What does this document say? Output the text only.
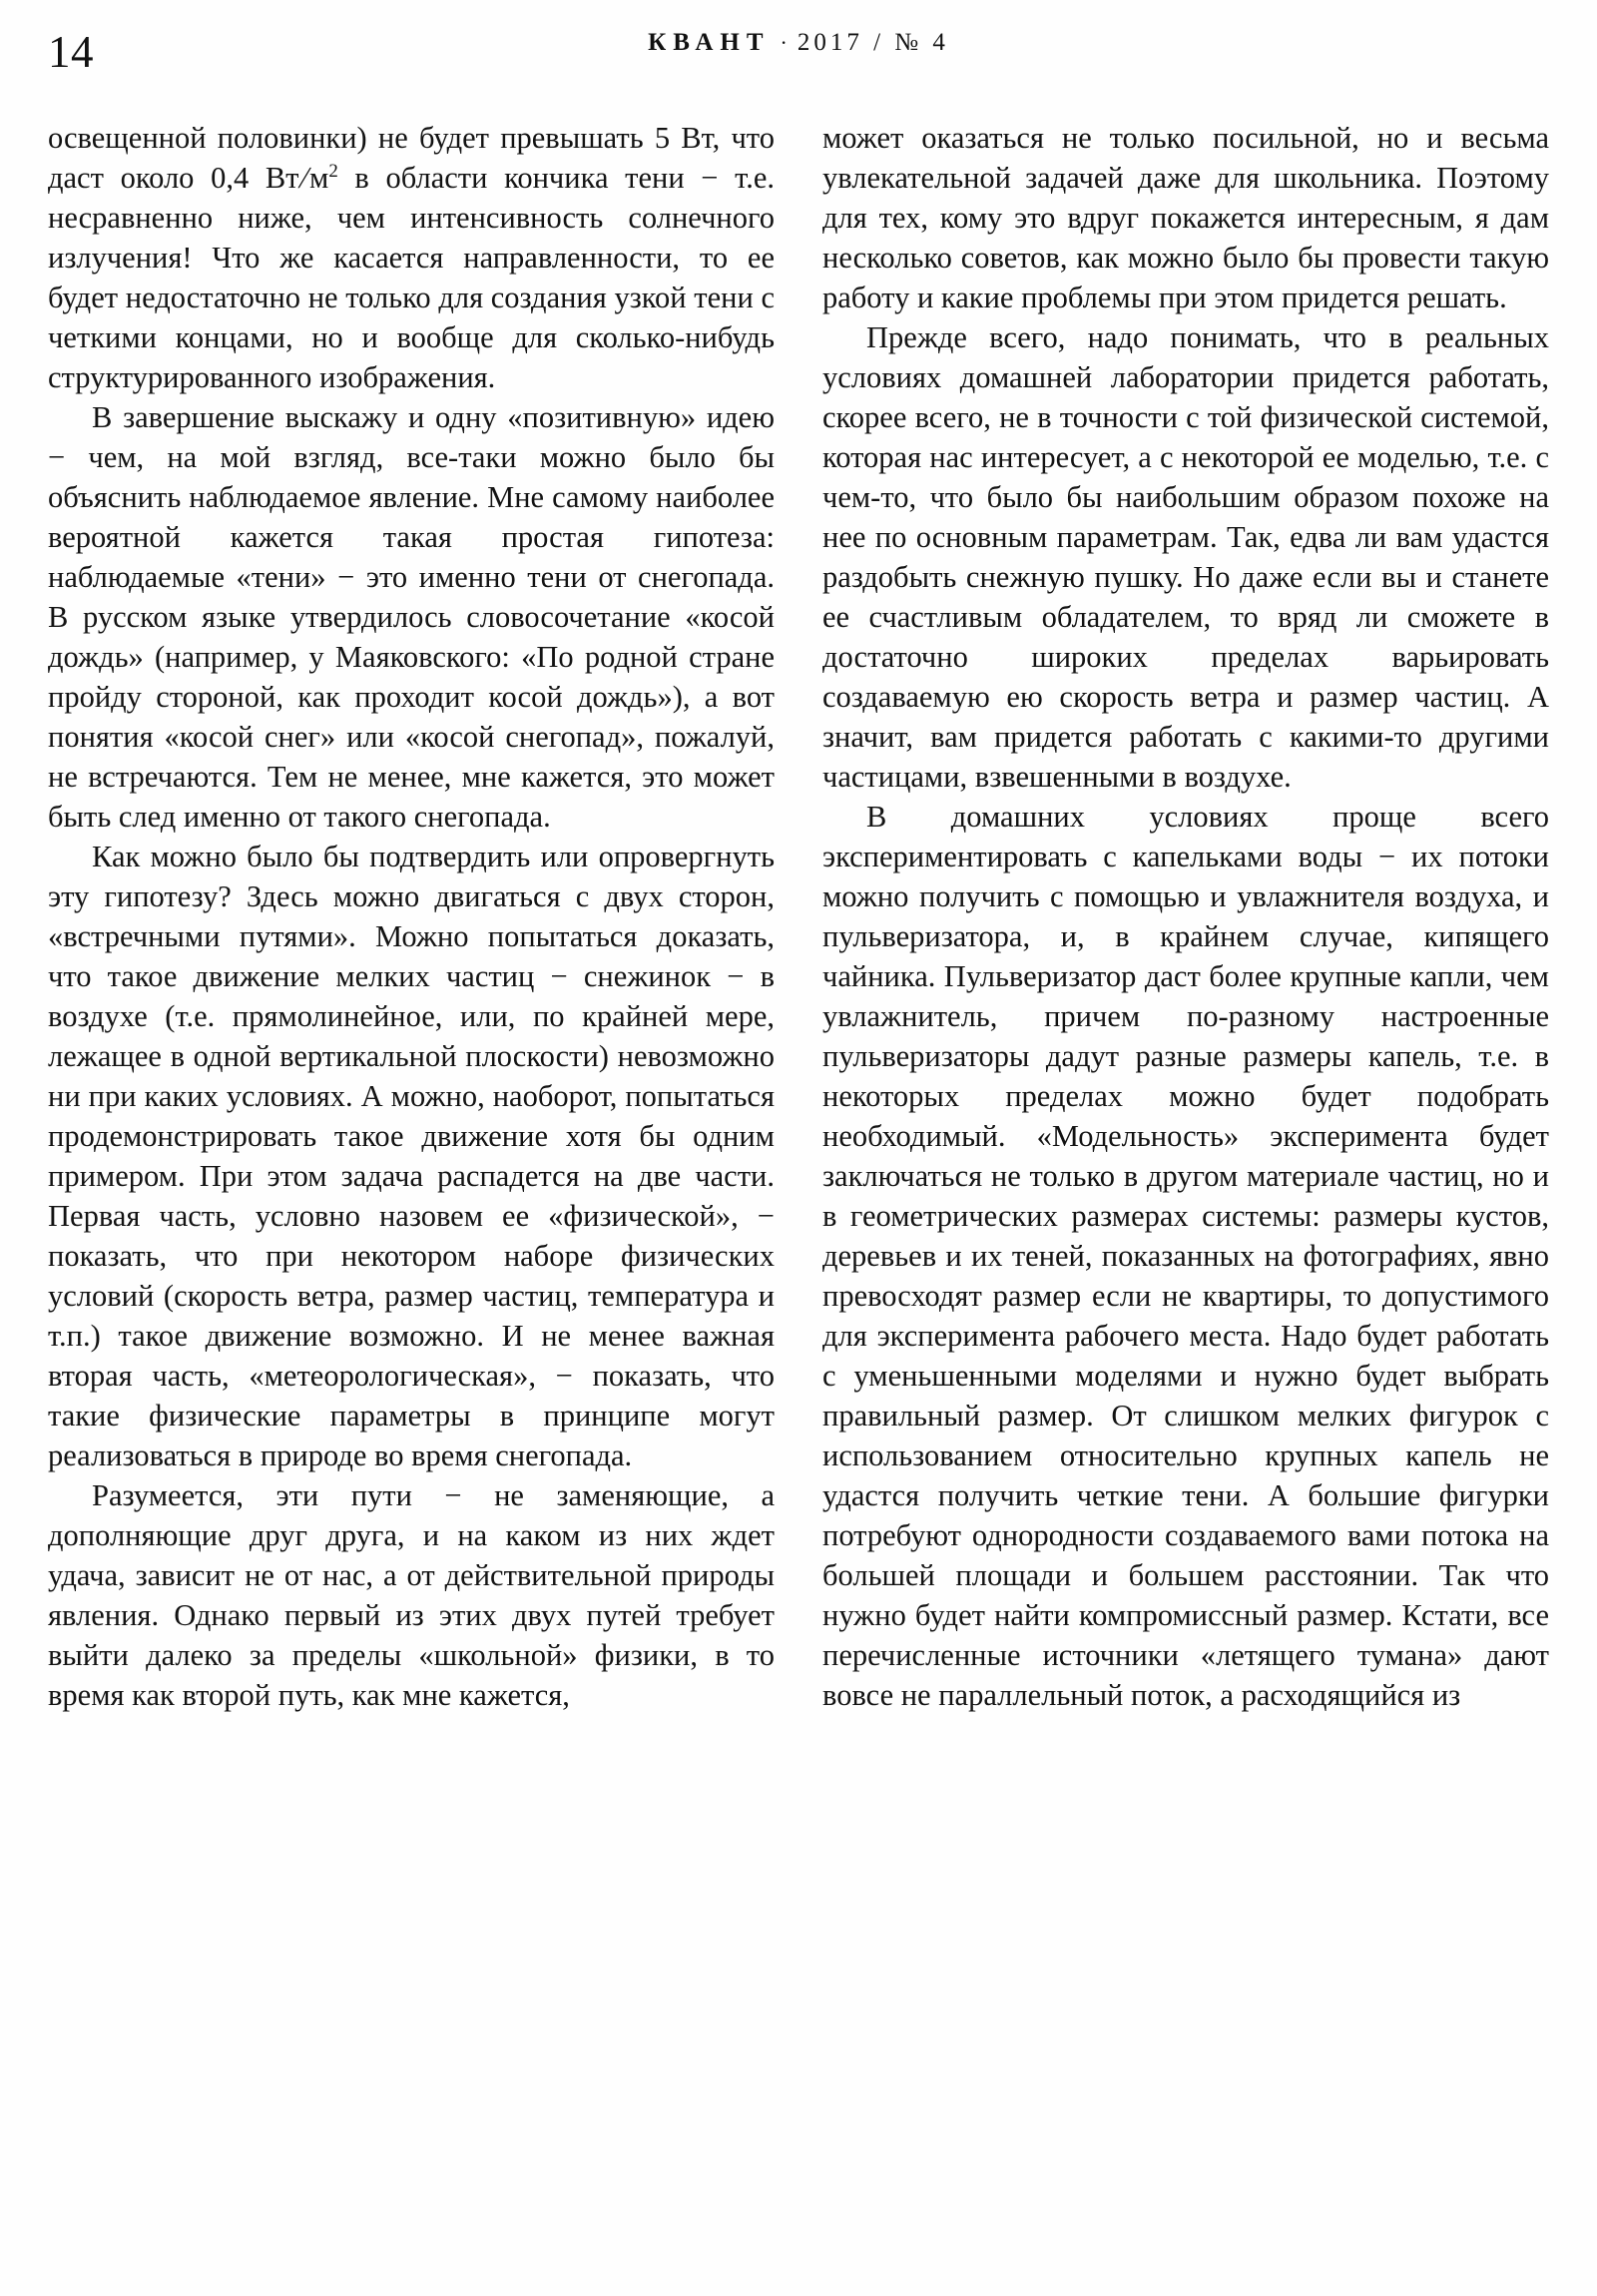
14	КВАНТ · 2017 / № 4

освещенной половинки) не будет превышать 5 Вт, что даст около 0,4 $Вт/м^2$ в области кончика тени − т.е. несравненно ниже, чем интенсивность солнечного излучения! Что же касается направленности, то ее будет недостаточно не только для создания узкой тени с четкими концами, но и вообще для сколько-нибудь структурированного изображения.

В завершение выскажу и одну «позитивную» идею − чем, на мой взгляд, все-таки можно было бы объяснить наблюдаемое явление. Мне самому наиболее вероятной кажется такая простая гипотеза: наблюдаемые «тени» − это именно тени от снегопада. В русском языке утвердилось словосочетание «косой дождь» (например, у Маяковского: «По родной стране пройду стороной, как проходит косой дождь»), а вот понятия «косой снег» или «косой снегопад», пожалуй, не встречаются. Тем не менее, мне кажется, это может быть след именно от такого снегопада.

Как можно было бы подтвердить или опровергнуть эту гипотезу? Здесь можно двигаться с двух сторон, «встречными путями». Можно попытаться доказать, что такое движение мелких частиц − снежинок − в воздухе (т.е. прямолинейное, или, по крайней мере, лежащее в одной вертикальной плоскости) невозможно ни при каких условиях. А можно, наоборот, попытаться продемонстрировать такое движение хотя бы одним примером. При этом задача распадется на две части. Первая часть, условно назовем ее «физической», − показать, что при некотором наборе физических условий (скорость ветра, размер частиц, температура и т.п.) такое движение возможно. И не менее важная вторая часть, «метеорологическая», − показать, что такие физические параметры в принципе могут реализоваться в природе во время снегопада.

Разумеется, эти пути − не заменяющие, а дополняющие друг друга, и на каком из них ждет удача, зависит не от нас, а от действительной природы явления. Однако первый из этих двух путей требует выйти далеко за пределы «школьной» физики, в то время как второй путь, как мне кажется,

может оказаться не только посильной, но и весьма увлекательной задачей даже для школьника. Поэтому для тех, кому это вдруг покажется интересным, я дам несколько советов, как можно было бы провести такую работу и какие проблемы при этом придется решать.

Прежде всего, надо понимать, что в реальных условиях домашней лаборатории придется работать, скорее всего, не в точности с той физической системой, которая нас интересует, а с некоторой ее моделью, т.е. с чем-то, что было бы наибольшим образом похоже на нее по основным параметрам. Так, едва ли вам удастся раздобыть снежную пушку. Но даже если вы и станете ее счастливым обладателем, то вряд ли сможете в достаточно широких пределах варьировать создаваемую ею скорость ветра и размер частиц. А значит, вам придется работать с какими-то другими частицами, взвешенными в воздухе.

В домашних условиях проще всего экспериментировать с капельками воды − их потоки можно получить с помощью и увлажнителя воздуха, и пульверизатора, и, в крайнем случае, кипящего чайника. Пульверизатор даст более крупные капли, чем увлажнитель, причем по-разному настроенные пульверизаторы дадут разные размеры капель, т.е. в некоторых пределах можно будет подобрать необходимый. «Модельность» эксперимента будет заключаться не только в другом материале частиц, но и в геометрических размерах системы: размеры кустов, деревьев и их теней, показанных на фотографиях, явно превосходят размер если не квартиры, то допустимого для эксперимента рабочего места. Надо будет работать с уменьшенными моделями и нужно будет выбрать правильный размер. От слишком мелких фигурок с использованием относительно крупных капель не удастся получить четкие тени. А большие фигурки потребуют однородности создаваемого вами потока на большей площади и большем расстоянии. Так что нужно будет найти компромиссный размер. Кстати, все перечисленные источники «летящего тумана» дают вовсе не параллельный поток, а расходящийся из
